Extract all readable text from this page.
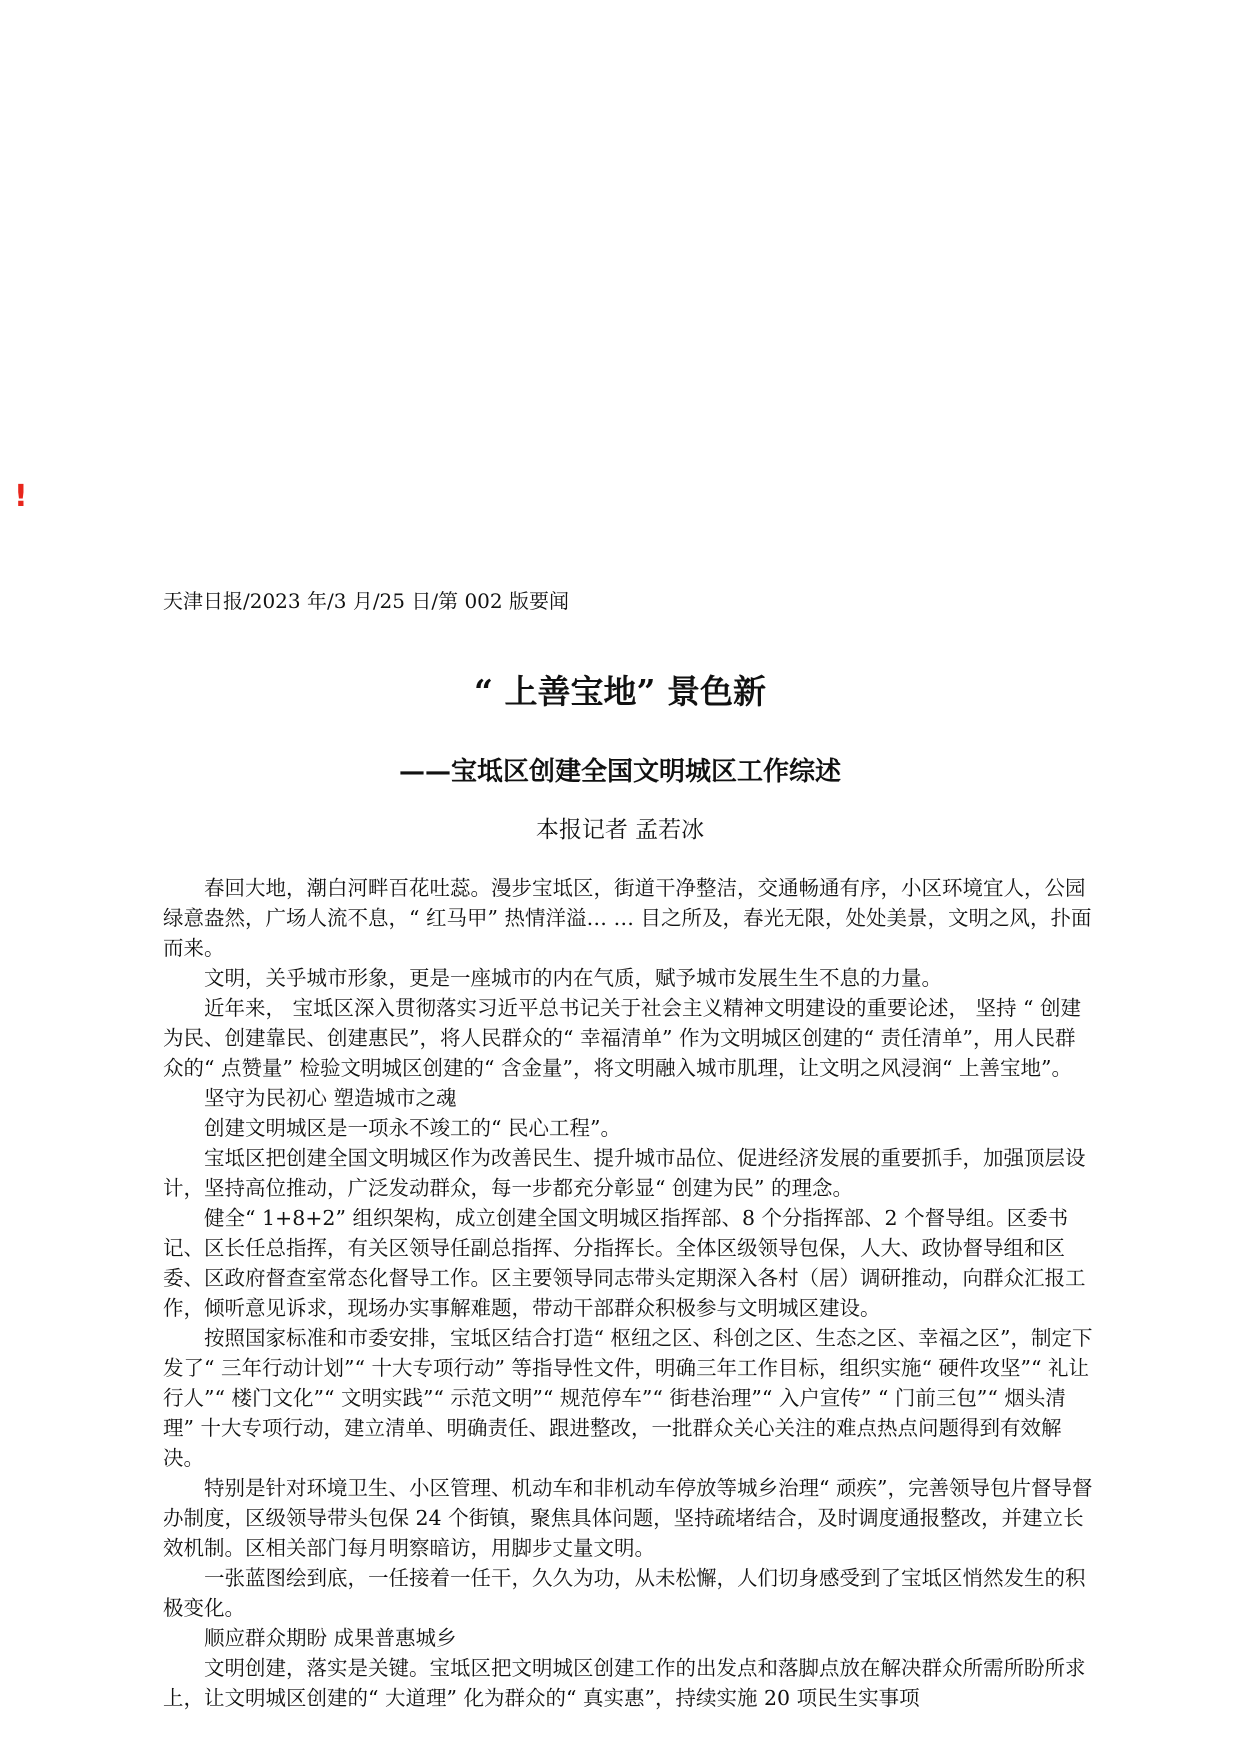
!
天津日报/2023 年/3 月/25 日/第 002 版要闻
“ 上善宝地” 景色新
——宝坻区创建全国文明城区工作综述
本报记者 孟若冰

春回大地，潮白河畔百花吐蕊。漫步宝坻区，街道干净整洁，交通畅通有序，小区环境宜人，公园绿意盎然，广场人流不息，“ 红马甲” 热情洋溢… … 目之所及，春光无限，处处美景，文明之风，扑面而来。

文明，关乎城市形象，更是一座城市的内在气质，赋予城市发展生生不息的力量。

近年来， 宝坻区深入贯彻落实习近平总书记关于社会主义精神文明建设的重要论述， 坚持 “ 创建为民、创建靠民、创建惠民”，将人民群众的“ 幸福清单” 作为文明城区创建的“ 责任清单”，用人民群众的“ 点赞量” 检验文明城区创建的“ 含金量”，将文明融入城市肌理，让文明之风浸润“ 上善宝地”。

坚守为民初心 塑造城市之魂

创建文明城区是一项永不竣工的“ 民心工程”。

宝坻区把创建全国文明城区作为改善民生、提升城市品位、促进经济发展的重要抓手，加强顶层设计，坚持高位推动，广泛发动群众，每一步都充分彰显“ 创建为民” 的理念。

健全“ 1+8+2” 组织架构，成立创建全国文明城区指挥部、8 个分指挥部、2 个督导组。区委书记、区长任总指挥，有关区领导任副总指挥、分指挥长。全体区级领导包保，人大、政协督导组和区委、区政府督查室常态化督导工作。区主要领导同志带头定期深入各村（居）调研推动，向群众汇报工作，倾听意见诉求，现场办实事解难题，带动干部群众积极参与文明城区建设。

按照国家标准和市委安排，宝坻区结合打造“ 枢纽之区、科创之区、生态之区、幸福之区”，制定下发了“ 三年行动计划”“ 十大专项行动” 等指导性文件，明确三年工作目标，组织实施“ 硬件攻坚”“ 礼让行人”“ 楼门文化”“ 文明实践”“ 示范文明”“ 规范停车”“ 街巷治理”“ 入户宣传” “ 门前三包”“ 烟头清理” 十大专项行动，建立清单、明确责任、跟进整改，一批群众关心关注的难点热点问题得到有效解决。

特别是针对环境卫生、小区管理、机动车和非机动车停放等城乡治理“ 顽疾”，完善领导包片督导督办制度，区级领导带头包保 24 个街镇，聚焦具体问题，坚持疏堵结合，及时调度通报整改，并建立长效机制。区相关部门每月明察暗访，用脚步丈量文明。

一张蓝图绘到底，一任接着一任干，久久为功，从未松懈，人们切身感受到了宝坻区悄然发生的积极变化。

顺应群众期盼 成果普惠城乡

文明创建，落实是关键。宝坻区把文明城区创建工作的出发点和落脚点放在解决群众所需所盼所求上，让文明城区创建的“ 大道理” 化为群众的“ 真实惠”，持续实施 20 项民生实事项
